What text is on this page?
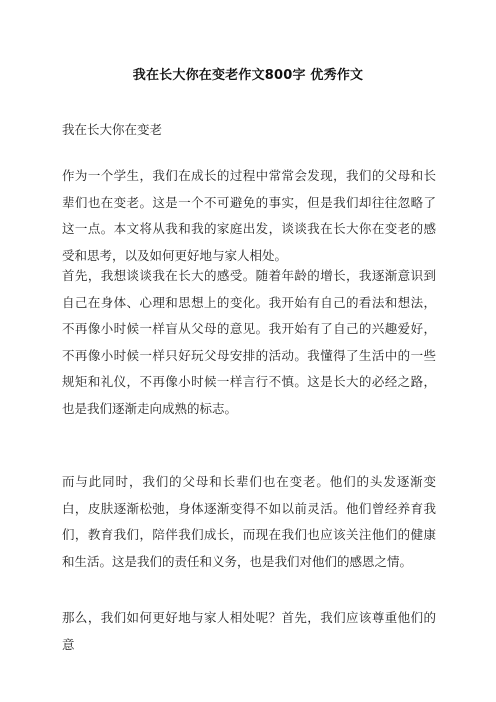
我在长大你在变老作文800字 优秀作文
我在长大你在变老

作为一个学生，我们在成长的过程中常常会发现，我们的父母和长辈们也在变老。这是一个不可避免的事实，但是我们却往往忽略了这一点。本文将从我和我的家庭出发，谈谈我在长大你在变老的感受和思考，以及如何更好地与家人相处。

首先，我想谈谈我在长大的感受。随着年龄的增长，我逐渐意识到自己在身体、心理和思想上的变化。我开始有自己的看法和想法，不再像小时候一样盲从父母的意见。我开始有了自己的兴趣爱好，不再像小时候一样只好玩父母安排的活动。我懂得了生活中的一些规矩和礼仪，不再像小时候一样言行不慎。这是长大的必经之路，也是我们逐渐走向成熟的标志。

而与此同时，我们的父母和长辈们也在变老。他们的头发逐渐变白，皮肤逐渐松弛，身体逐渐变得不如以前灵活。他们曾经养育我们，教育我们，陪伴我们成长，而现在我们也应该关注他们的健康和生活。这是我们的责任和义务，也是我们对他们的感恩之情。

那么，我们如何更好地与家人相处呢？首先，我们应该尊重他们的意
